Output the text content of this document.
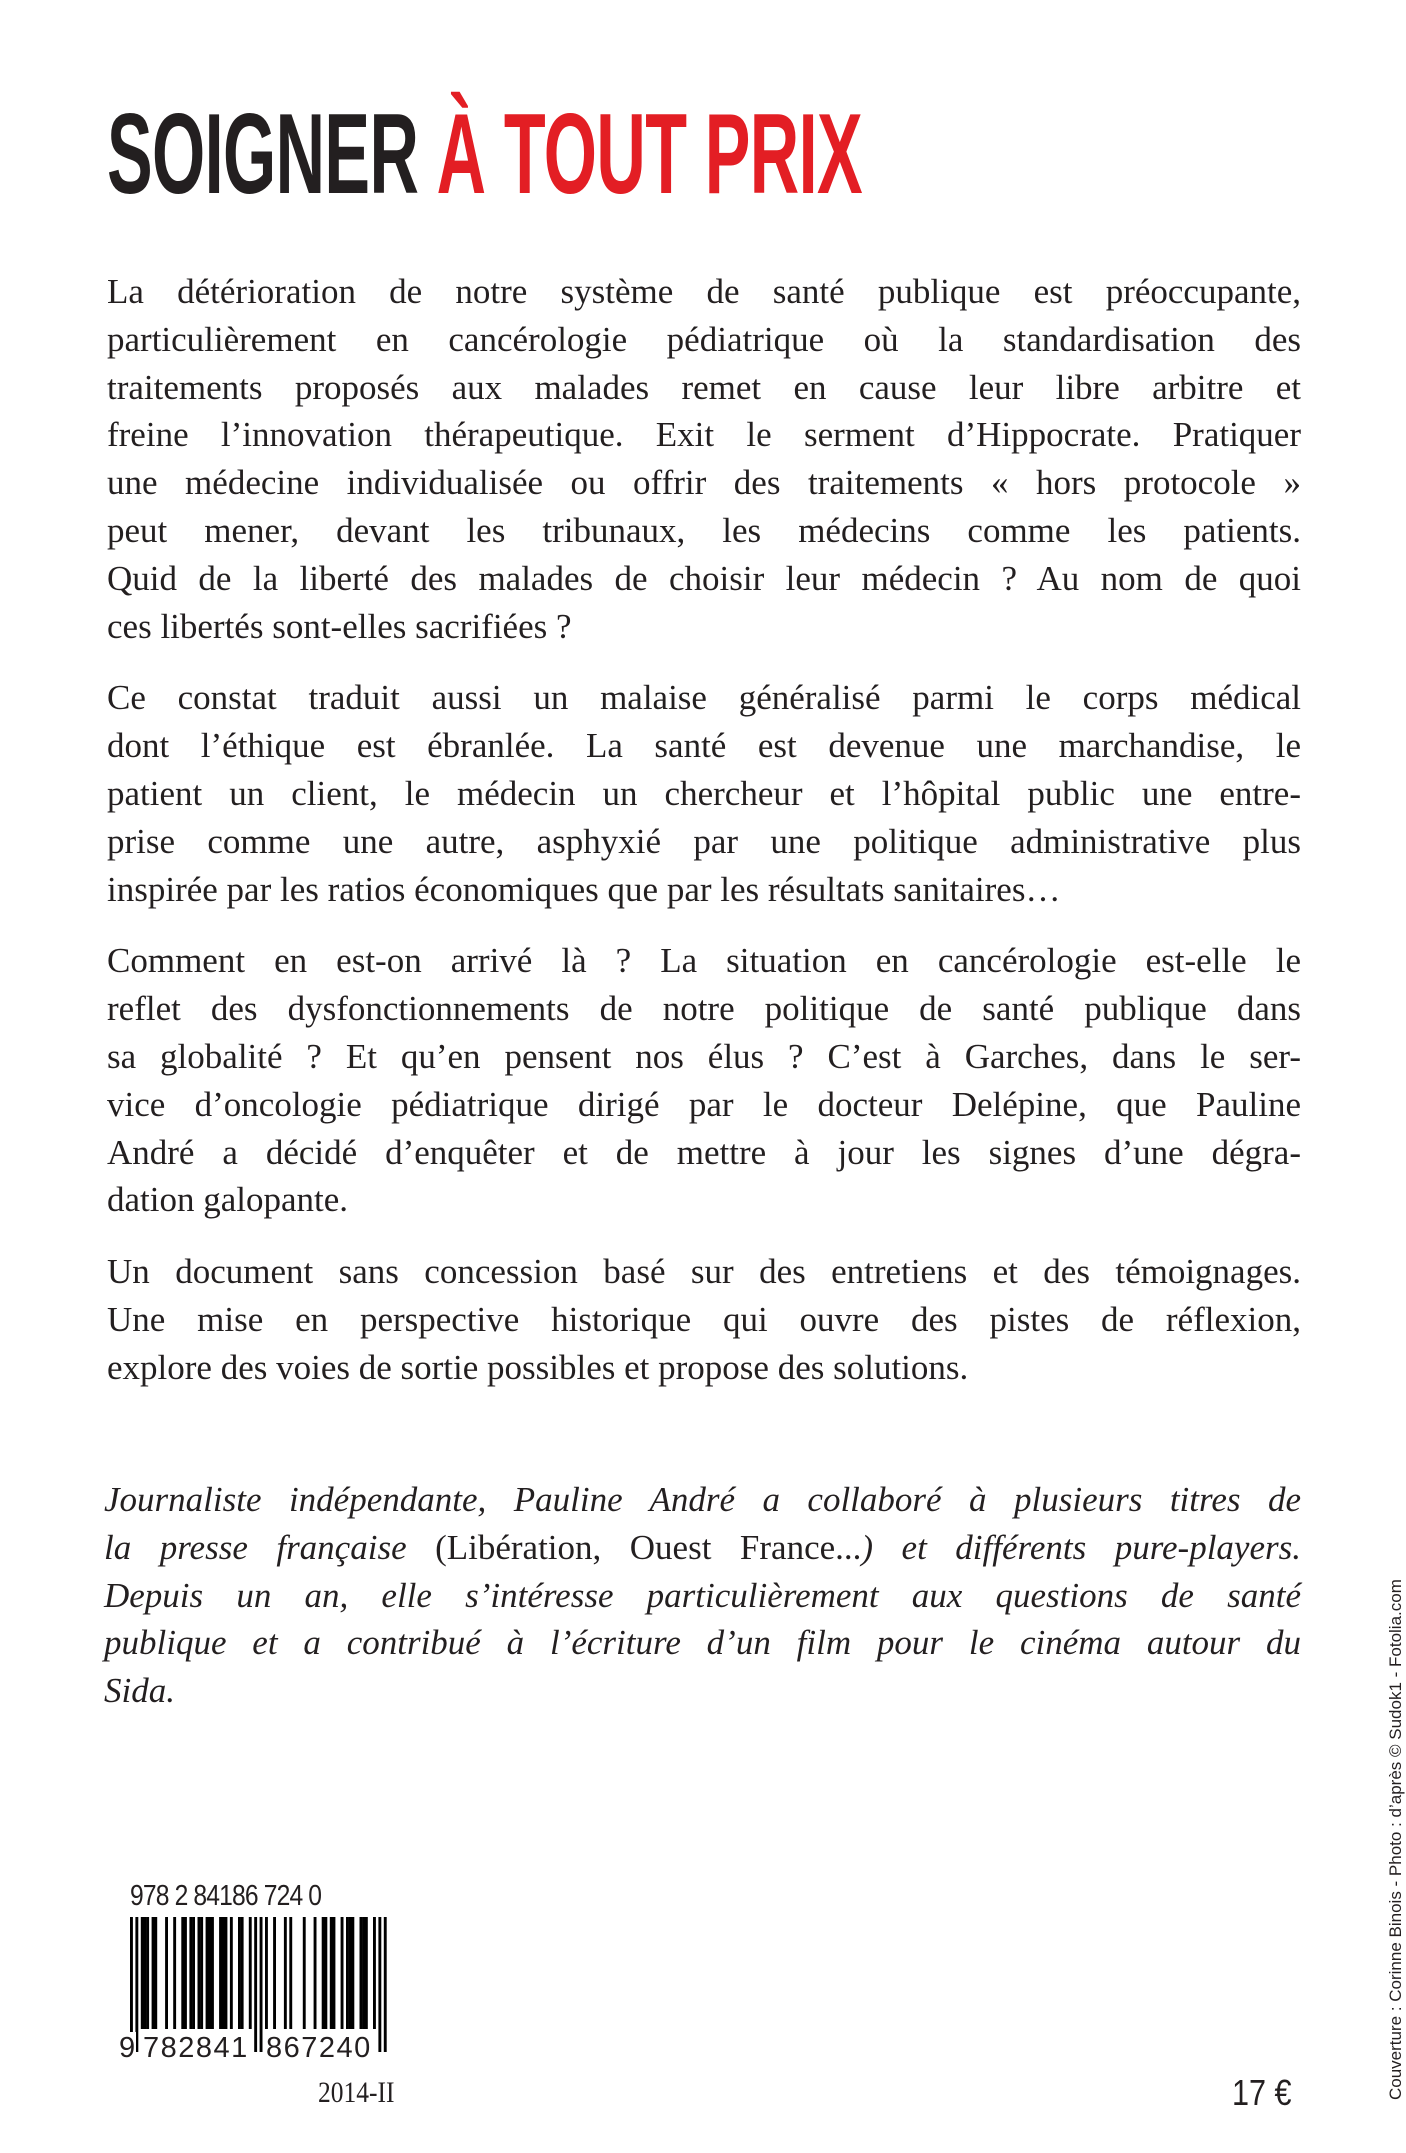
SOIGNER À TOUT PRIX
La détérioration de notre système de santé publique est préoccupante,
particulièrement en cancérologie pédiatrique où la standardisation des
traitements proposés aux malades remet en cause leur libre arbitre et
freine l’innovation thérapeutique. Exit le serment d’Hippocrate. Pratiquer
une médecine individualisée ou offrir des traitements « hors protocole »
peut mener, devant les tribunaux, les médecins comme les patients.
Quid de la liberté des malades de choisir leur médecin ? Au nom de quoi
ces libertés sont-elles sacrifiées ?
Ce constat traduit aussi un malaise généralisé parmi le corps médical
dont l’éthique est ébranlée. La santé est devenue une marchandise, le
patient un client, le médecin un chercheur et l’hôpital public une entre-
prise comme une autre, asphyxié par une politique administrative plus
inspirée par les ratios économiques que par les résultats sanitaires…
Comment en est-on arrivé là ? La situation en cancérologie est-elle le
reflet des dysfonctionnements de notre politique de santé publique dans
sa globalité ? Et qu’en pensent nos élus ? C’est à Garches, dans le ser-
vice d’oncologie pédiatrique dirigé par le docteur Delépine, que Pauline
André a décidé d’enquêter et de mettre à jour les signes d’une dégra-
dation galopante.
Un document sans concession basé sur des entretiens et des témoignages.
Une mise en perspective historique qui ouvre des pistes de réflexion,
explore des voies de sortie possibles et propose des solutions.
Journaliste indépendante, Pauline André a collaboré à plusieurs titres de
la presse française (Libération, Ouest France...) et différents pure-players.
Depuis un an, elle s’intéresse particulièrement aux questions de santé
publique et a contribué à l’écriture d’un film pour le cinéma autour du
Sida.
978 2 84186 724 0
9 782841 867240
2014-II	17 €	Couverture : Corinne Binois - Photo : d’après © Sudok1 - Fotolia.com
